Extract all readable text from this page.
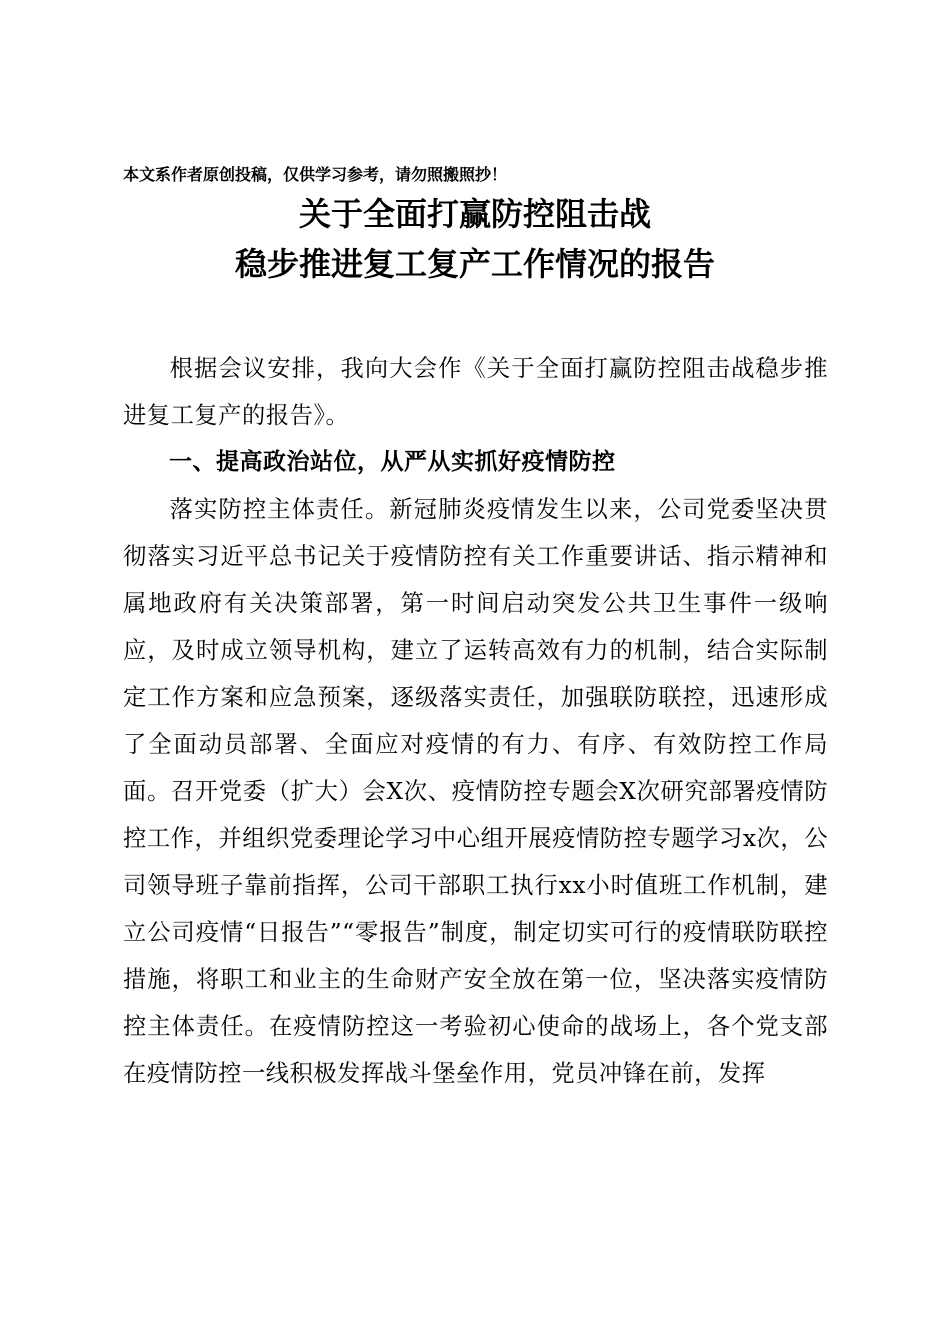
本文系作者原创投稿，仅供学习参考，请勿照搬照抄！
关于全面打赢防控阻击战
稳步推进复工复产工作情况的报告

根据会议安排，我向大会作《关于全面打赢防控阻击战稳步推进复工复产的报告》。

一、提高政治站位，从严从实抓好疫情防控

落实防控主体责任。新冠肺炎疫情发生以来，公司党委坚决贯彻落实习近平总书记关于疫情防控有关工作重要讲话、指示精神和属地政府有关决策部署，第一时间启动突发公共卫生事件一级响应，及时成立领导机构，建立了运转高效有力的机制，结合实际制定工作方案和应急预案，逐级落实责任，加强联防联控，迅速形成了全面动员部署、全面应对疫情的有力、有序、有效防控工作局面。召开党委（扩大）会X次、疫情防控专题会X次研究部署疫情防控工作，并组织党委理论学习中心组开展疫情防控专题学习x次，公司领导班子靠前指挥，公司干部职工执行xx小时值班工作机制，建立公司疫情“日报告”“零报告”制度，制定切实可行的疫情联防联控措施，将职工和业主的生命财产安全放在第一位，坚决落实疫情防控主体责任。在疫情防控这一考验初心使命的战场上，各个党支部在疫情防控一线积极发挥战斗堡垒作用，党员冲锋在前，发挥
